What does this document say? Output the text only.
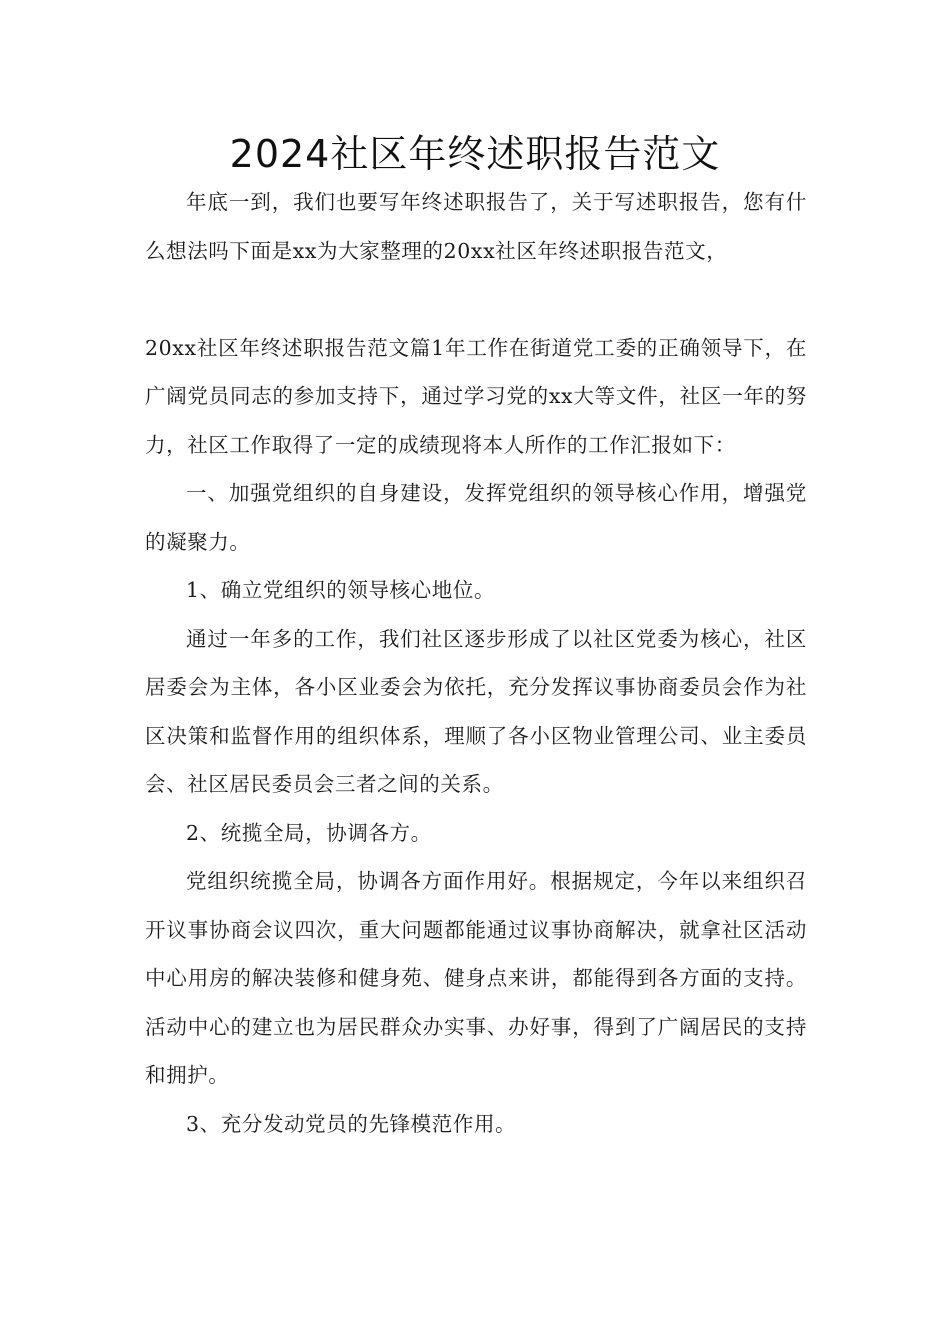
2024社区年终述职报告范文

年底一到，我们也要写年终述职报告了，关于写述职报告，您有什么想法吗下面是xx为大家整理的20xx社区年终述职报告范文，

20xx社区年终述职报告范文篇1年工作在街道党工委的正确领导下，在广阔党员同志的参加支持下，通过学习党的xx大等文件，社区一年的努力，社区工作取得了一定的成绩现将本人所作的工作汇报如下：

一、加强党组织的自身建设，发挥党组织的领导核心作用，增强党的凝聚力。

1、确立党组织的领导核心地位。

通过一年多的工作，我们社区逐步形成了以社区党委为核心，社区居委会为主体，各小区业委会为依托，充分发挥议事协商委员会作为社区决策和监督作用的组织体系，理顺了各小区物业管理公司、业主委员会、社区居民委员会三者之间的关系。

2、统揽全局，协调各方。

党组织统揽全局，协调各方面作用好。根据规定，今年以来组织召开议事协商会议四次，重大问题都能通过议事协商解决，就拿社区活动中心用房的解决装修和健身苑、健身点来讲，都能得到各方面的支持。活动中心的建立也为居民群众办实事、办好事，得到了广阔居民的支持和拥护。

3、充分发动党员的先锋模范作用。
